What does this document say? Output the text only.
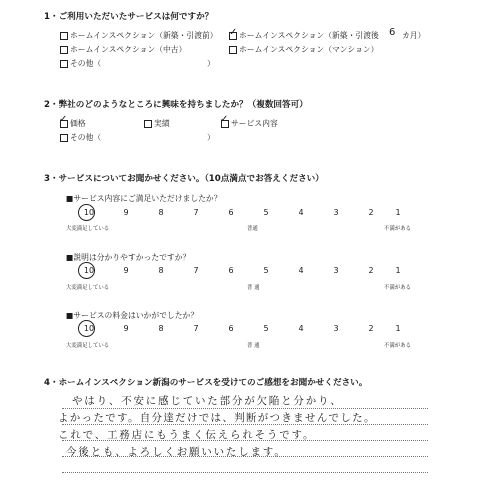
1・ご利用いただいたサービスは何ですか？
ホームインスペクション（新築・引渡前） ✓ ホームインスペクション（新築・引渡後 6 カ月）
ホームインスペクション（中古）	ホームインスペクション（マンション）
その他（	）
2・弊社のどのようなところに興味を持ちましたか？（複数回答可）
✓ 価格	実績	✓ サービス内容
その他（	）
3・サービスについてお聞かせください。（10点満点でお答えください）
■サービス内容にご満足いただけましたか？
10	9	8	7	6	5	4	3	2	1
大変満足している	普通	不満がある
■説明は分かりやすかったですか？
10	9	8	7	6	5	4	3	2	1
大変満足している	普 通	不満がある
■サービスの料金はいかがでしたか？
10	9	8	7	6	5	4	3	2	1
大変満足している	普 通	不満がある
4・ホームインスペクション新潟のサービスを受けてのご感想をお聞かせください。
やはり、不安に感じていた部分が欠陥と分かり、
よかったです。自分達だけでは、判断がつきませんでした。
これで、工務店にもうまく伝えられそうです。
今後とも、よろしくお願いいたします。
